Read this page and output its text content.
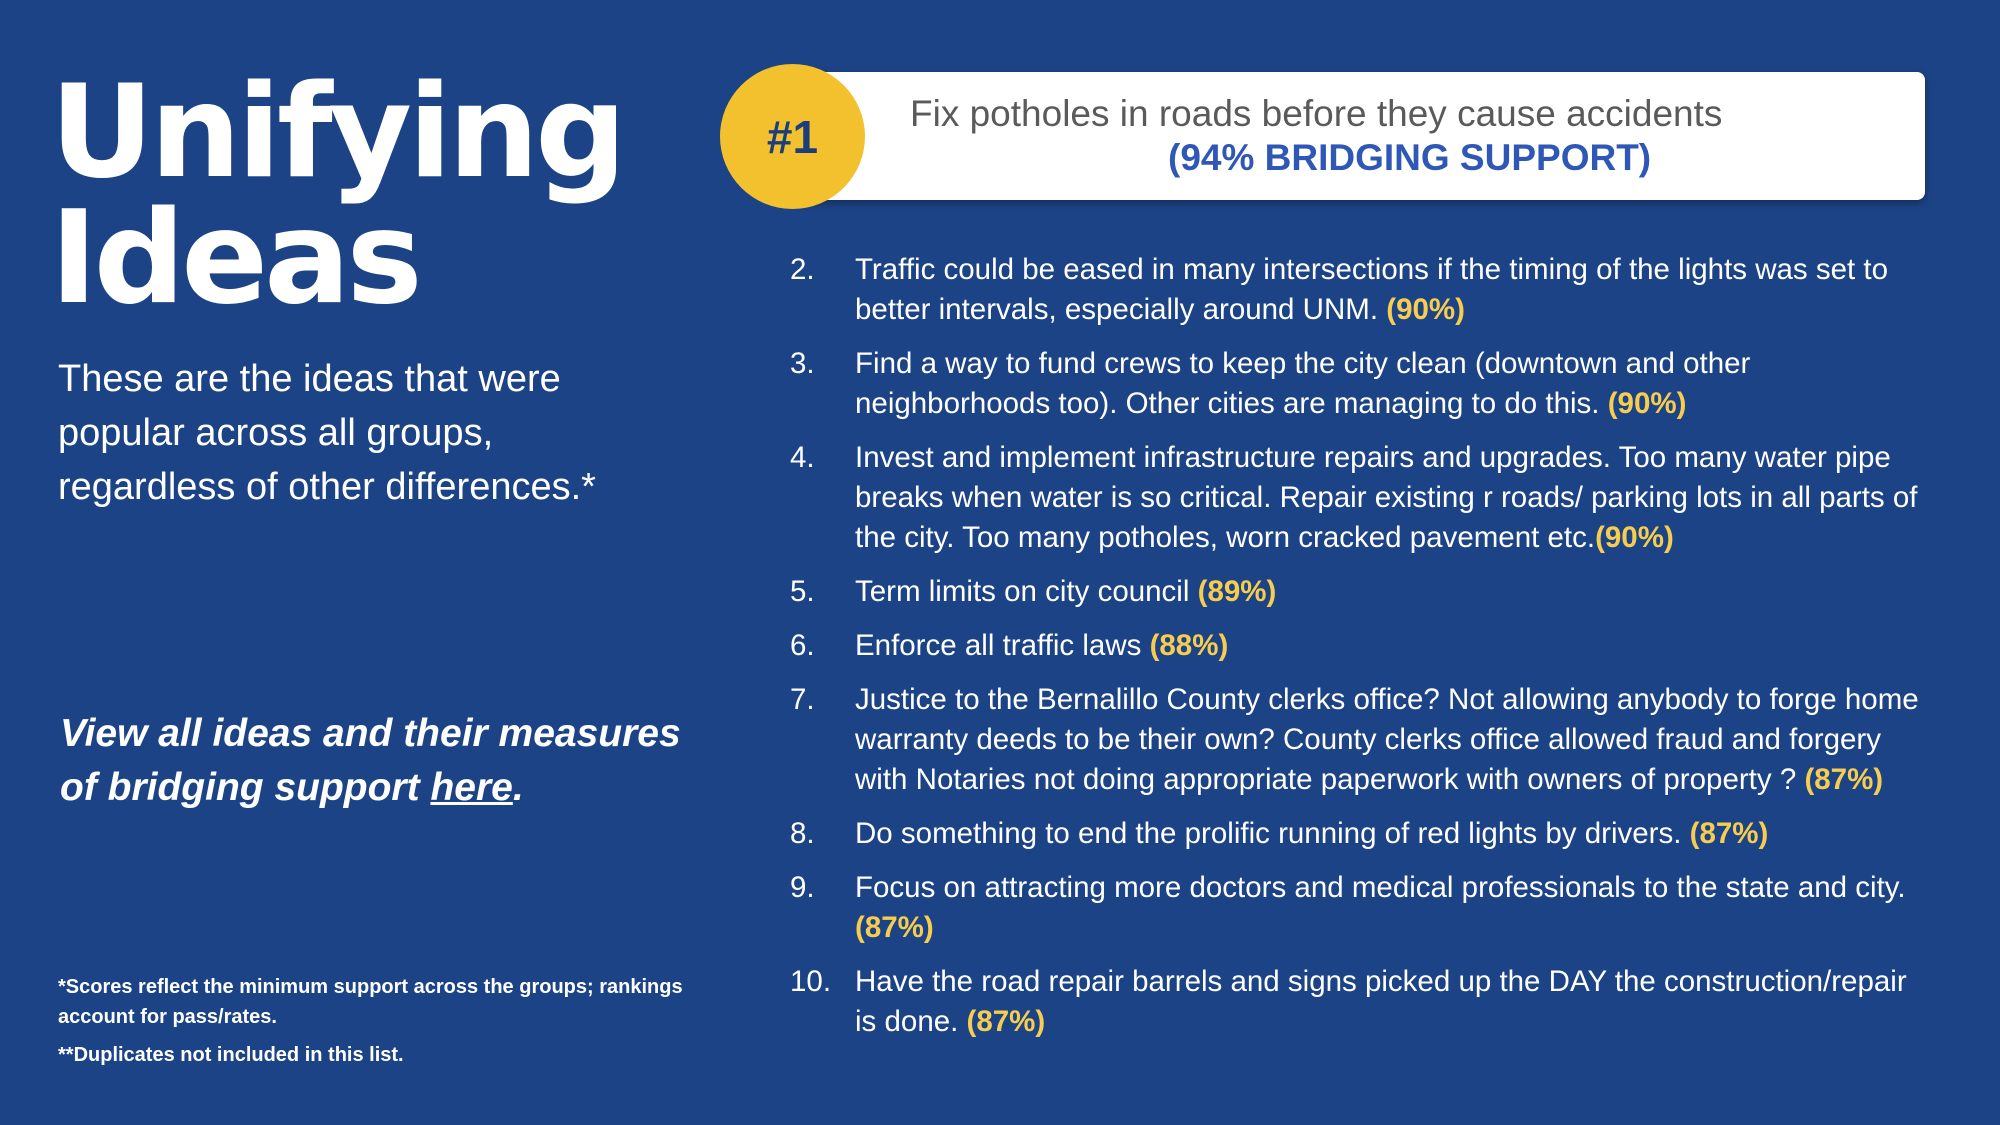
Unifying
Ideas
These are the ideas that were popular across all groups, regardless of other differences.*
View all ideas and their measures of bridging support here.

*Scores reflect the minimum support across the groups; rankings account for pass/rates.

**Duplicates not included in this list.

Fix potholes in roads before they cause accidents
(94% BRIDGING SUPPORT)
#1
2.	Traffic could be eased in many intersections if the timing of the lights was set to better intervals, especially around UNM. (90%)
3.	Find a way to fund crews to keep the city clean (downtown and other neighborhoods too). Other cities are managing to do this. (90%)
4.	Invest and implement infrastructure repairs and upgrades. Too many water pipe breaks when water is so critical. Repair existing r roads/ parking lots in all parts of the city. Too many potholes, worn cracked pavement etc.(90%)
5.	Term limits on city council (89%)
6.	Enforce all traffic laws (88%)
7.	Justice to the Bernalillo County clerks office? Not allowing anybody to forge home warranty deeds to be their own? County clerks office allowed fraud and forgery with Notaries not doing appropriate paperwork with owners of property ? (87%)
8.	Do something to end the prolific running of red lights by drivers. (87%)
9.	Focus on attracting more doctors and medical professionals to the state and city. (87%)
10. Have the road repair barrels and signs picked up the DAY the construction/repair is done. (87%)
